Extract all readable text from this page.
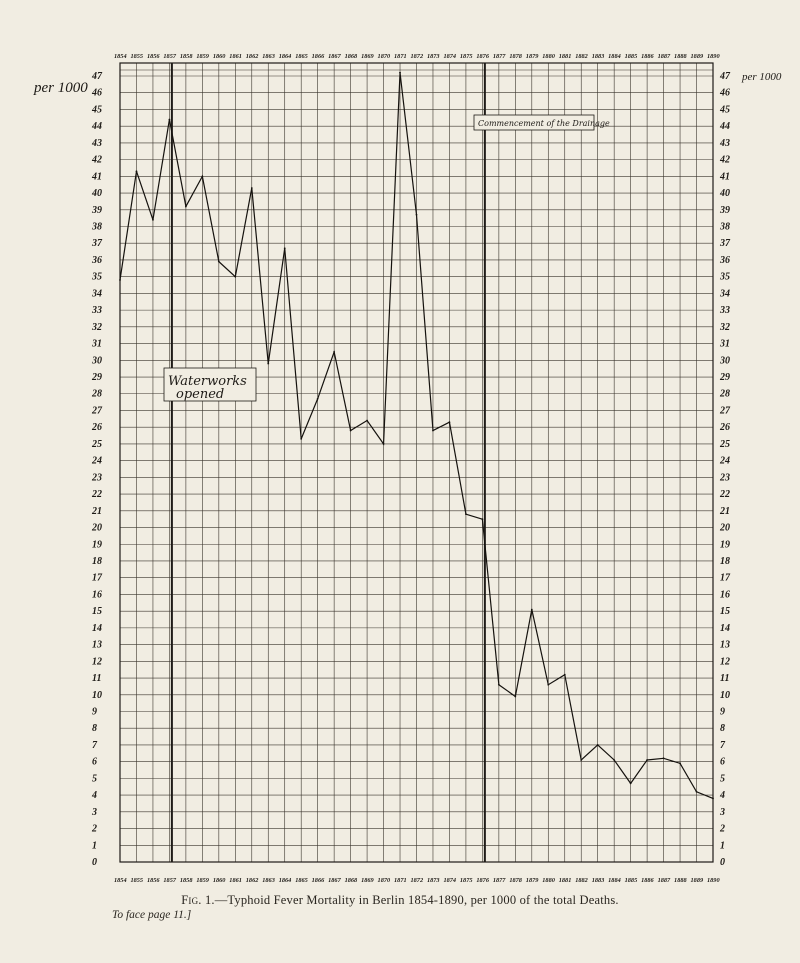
0
1
2
3
4
5
6
7
8
9
10
11
12
13
14
15
16
17
18
19
20
21
22
23
24
25
26
27
28
29
30
31
32
33
34
35
36
37
38
39
40
41
42
43
44
45
46
47
0
1
2
3
4
5
6
7
8
9
10
11
12
13
14
15
16
17
18
19
20
21
22
23
24
25
26
27
28
29
30
31
32
33
34
35
36
37
38
39
40
41
42
43
44
45
46
47
1854 1855 1856 1857 1858 1859 1860 1861 1862 1863 1864 1865 1866 1867 1868 1869 1870 1871 1872 1873 1874 1875 1876 1877 1878 1879 1880 1881 1882 1883 1884 1885 1886 1887 1888 1889 1890
1854 1855 1856 1857 1858 1859 1860 1861 1862 1863 1864 1865 1866 1867 1868 1869 1870 1871 1872 1873 1874 1875 1876 1877 1878 1879 1880 1881 1882 1883 1884 1885 1886 1887 1888 1889 1890
Waterworks
opened
Commencement of the Drainage
per 1000
per 1000
Fig. 1.—Typhoid Fever Mortality in Berlin 1854-1890, per 1000 of the total Deaths.
To face page 11.]
